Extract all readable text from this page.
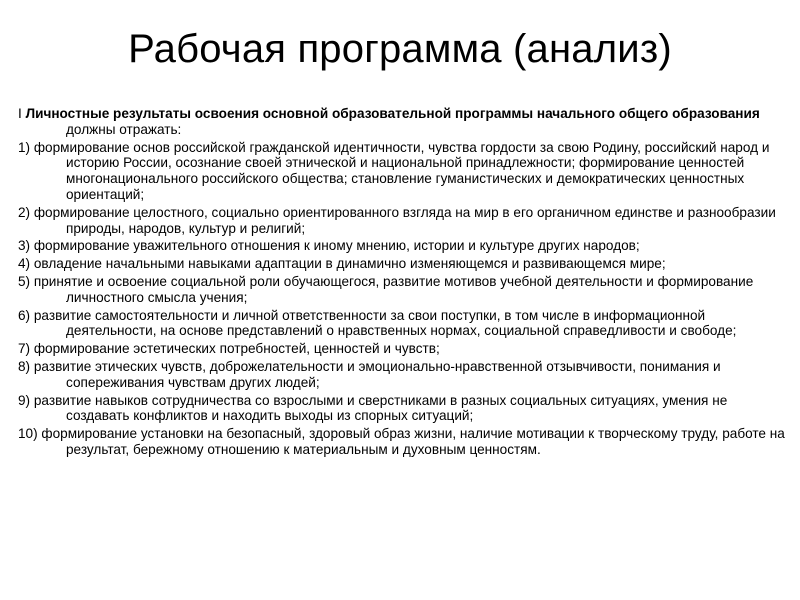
Рабочая программа (анализ)

I Личностные результаты освоения основной образовательной программы начального общего образования должны отражать:

1) формирование основ российской гражданской идентичности, чувства гордости за свою Родину, российский народ и историю России, осознание своей этнической и национальной принадлежности; формирование ценностей многонационального российского общества; становление гуманистических и демократических ценностных ориентаций;

2) формирование целостного, социально ориентированного взгляда на мир в его органичном единстве и разнообразии природы, народов, культур и религий;

3) формирование уважительного отношения к иному мнению, истории и культуре других народов;

4) овладение начальными навыками адаптации в динамично изменяющемся и развивающемся мире;

5) принятие и освоение социальной роли обучающегося, развитие мотивов учебной деятельности и формирование личностного смысла учения;

6) развитие самостоятельности и личной ответственности за свои поступки, в том числе в информационной деятельности, на основе представлений о нравственных нормах, социальной справедливости и свободе;

7) формирование эстетических потребностей, ценностей и чувств;

8) развитие этических чувств, доброжелательности и эмоционально-нравственной отзывчивости, понимания и сопереживания чувствам других людей;

9) развитие навыков сотрудничества со взрослыми и сверстниками в разных социальных ситуациях, умения не создавать конфликтов и находить выходы из спорных ситуаций;

10) формирование установки на безопасный, здоровый образ жизни, наличие мотивации к творческому труду, работе на результат, бережному отношению к материальным и духовным ценностям.
